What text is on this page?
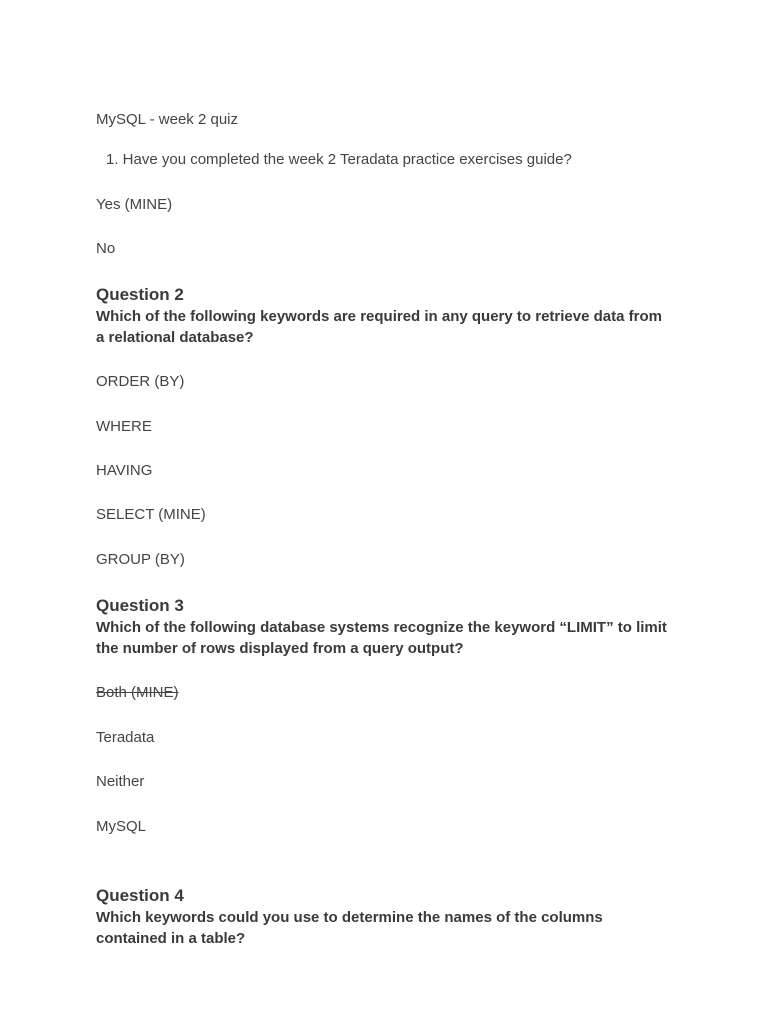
MySQL - week 2 quiz
1. Have you completed the week 2 Teradata practice exercises guide?
Yes (MINE)
No
Question 2
Which of the following keywords are required in any query to retrieve data from a relational database?
ORDER (BY)
WHERE
HAVING
SELECT (MINE)
GROUP (BY)
Question 3
Which of the following database systems recognize the keyword “LIMIT” to limit the number of rows displayed from a query output?
Both (MINE)
Teradata
Neither
MySQL
Question 4
Which keywords could you use to determine the names of the columns contained in a table?
